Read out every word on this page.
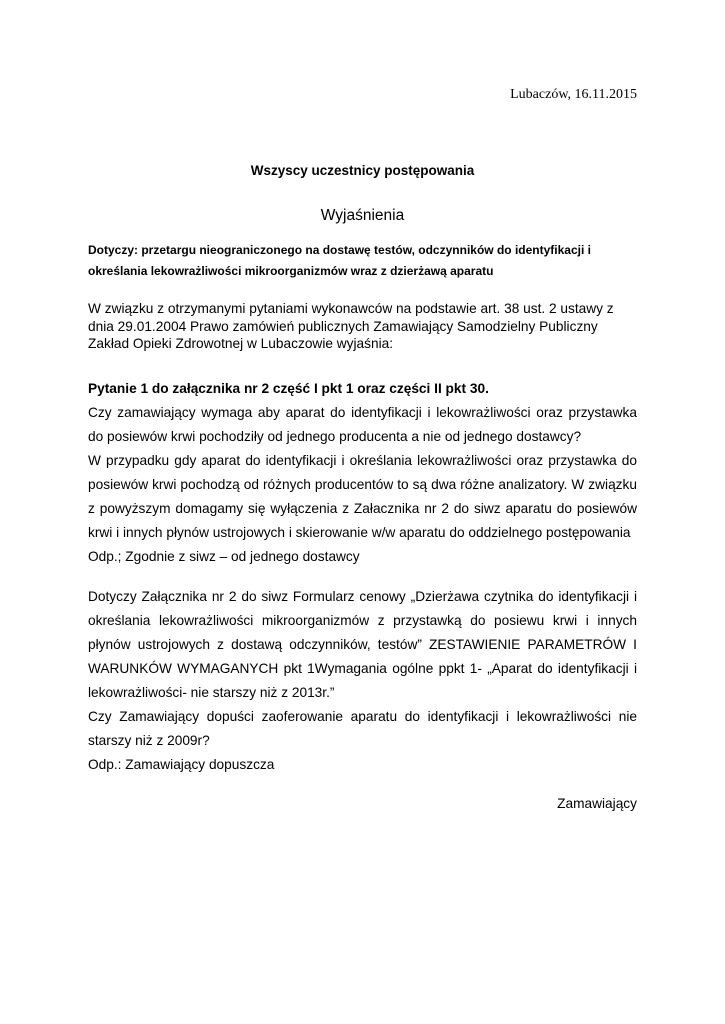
Lubaczów, 16.11.2015
Wszyscy uczestnicy postępowania
Wyjaśnienia
Dotyczy: przetargu nieograniczonego na dostawę testów, odczynników do identyfikacji i określania lekowrażliwości mikroorganizmów wraz z dzierżawą aparatu
W związku z otrzymanymi pytaniami wykonawców na podstawie art. 38 ust. 2 ustawy z dnia 29.01.2004 Prawo zamówień publicznych Zamawiający Samodzielny Publiczny Zakład Opieki Zdrowotnej w Lubaczowie wyjaśnia:

Pytanie 1 do załącznika nr 2 część I pkt 1 oraz części II pkt 30.

Czy zamawiający wymaga aby aparat do identyfikacji i lekowrażliwości oraz przystawka do posiewów krwi pochodziły od jednego producenta a nie od jednego dostawcy?

W przypadku gdy aparat do identyfikacji i określania lekowrażliwości oraz przystawka do posiewów krwi pochodzą od różnych producentów to są dwa różne analizatory. W związku z powyższym domagamy się wyłączenia z Załacznika nr 2 do siwz aparatu do posiewów krwi i innych płynów ustrojowych i skierowanie w/w aparatu do oddzielnego postępowania

Odp.; Zgodnie z siwz – od jednego dostawcy

Dotyczy Załącznika nr 2 do siwz Formularz cenowy „Dzierżawa czytnika do identyfikacji i określania lekowrażliwości mikroorganizmów z przystawką do posiewu krwi i innych płynów ustrojowych z dostawą odczynników, testów” ZESTAWIENIE PARAMETRÓW I WARUNKÓW WYMAGANYCH pkt 1Wymagania ogólne ppkt 1- „Aparat do identyfikacji i lekowrażliwości- nie starszy niż z 2013r.”

Czy Zamawiający dopuści zaoferowanie aparatu do identyfikacji i lekowrażliwości nie starszy niż z 2009r?

Odp.: Zamawiający dopuszcza

Zamawiający
